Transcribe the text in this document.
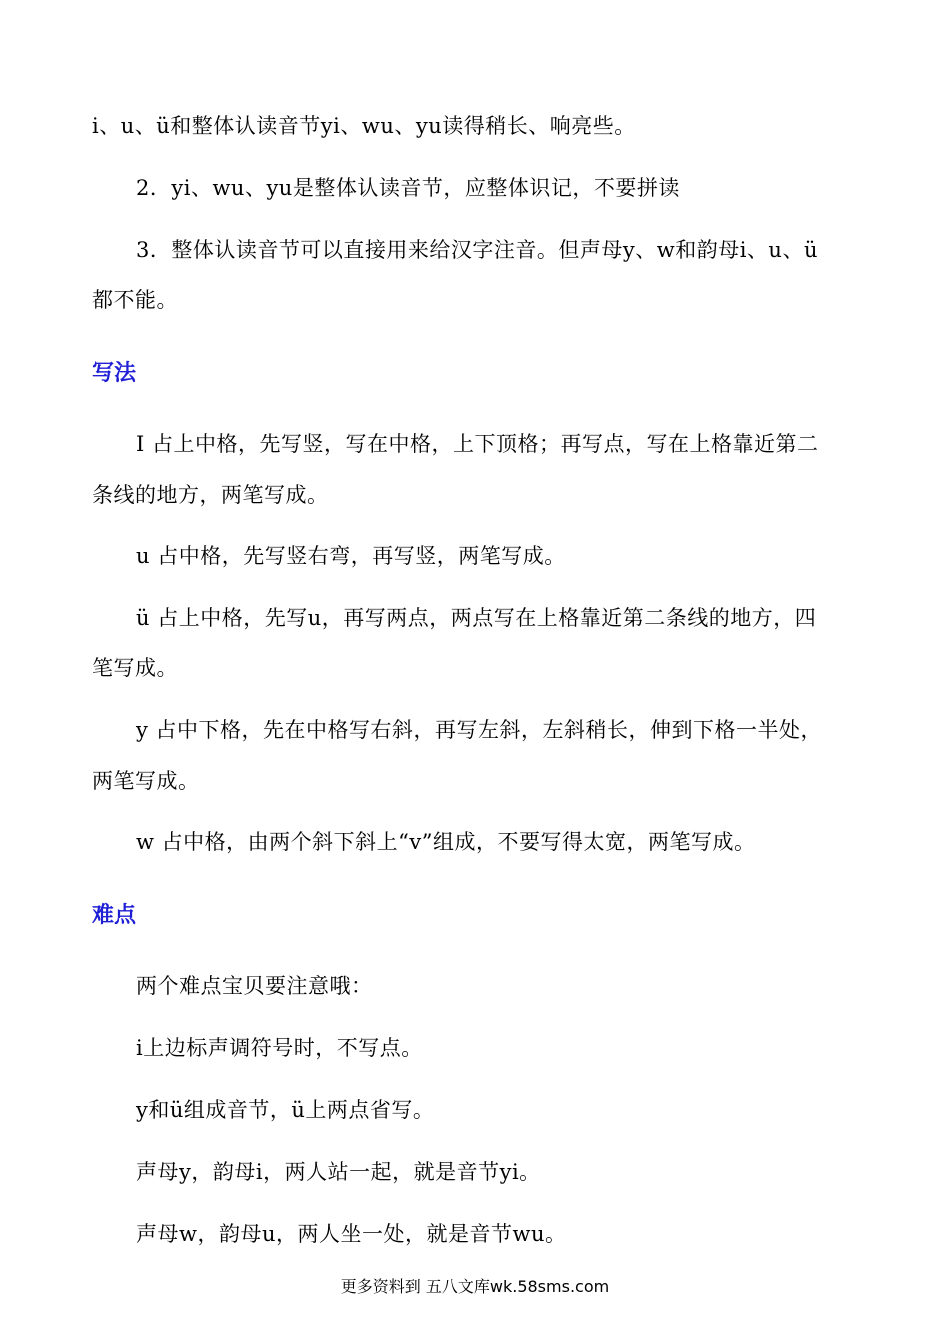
i、u、ü和整体认读音节yi、wu、yu读得稍长、响亮些。
2．yi、wu、yu是整体认读音节，应整体识记，不要拼读
3．整体认读音节可以直接用来给汉字注音。但声母y、w和韵母i、u、ü
都不能。
写法
I 占上中格，先写竖，写在中格，上下顶格；再写点，写在上格靠近第二
条线的地方，两笔写成。
u 占中格，先写竖右弯，再写竖，两笔写成。
ü 占上中格，先写u，再写两点，两点写在上格靠近第二条线的地方，四
笔写成。
y 占中下格，先在中格写右斜，再写左斜，左斜稍长，伸到下格一半处，
两笔写成。
w 占中格，由两个斜下斜上“v”组成，不要写得太宽，两笔写成。
难点
两个难点宝贝要注意哦：
i上边标声调符号时，不写点。
y和ü组成音节，ü上两点省写。
声母y，韵母i，两人站一起，就是音节yi。
声母w，韵母u，两人坐一处，就是音节wu。
更多资料到 五八文库wk.58sms.com
